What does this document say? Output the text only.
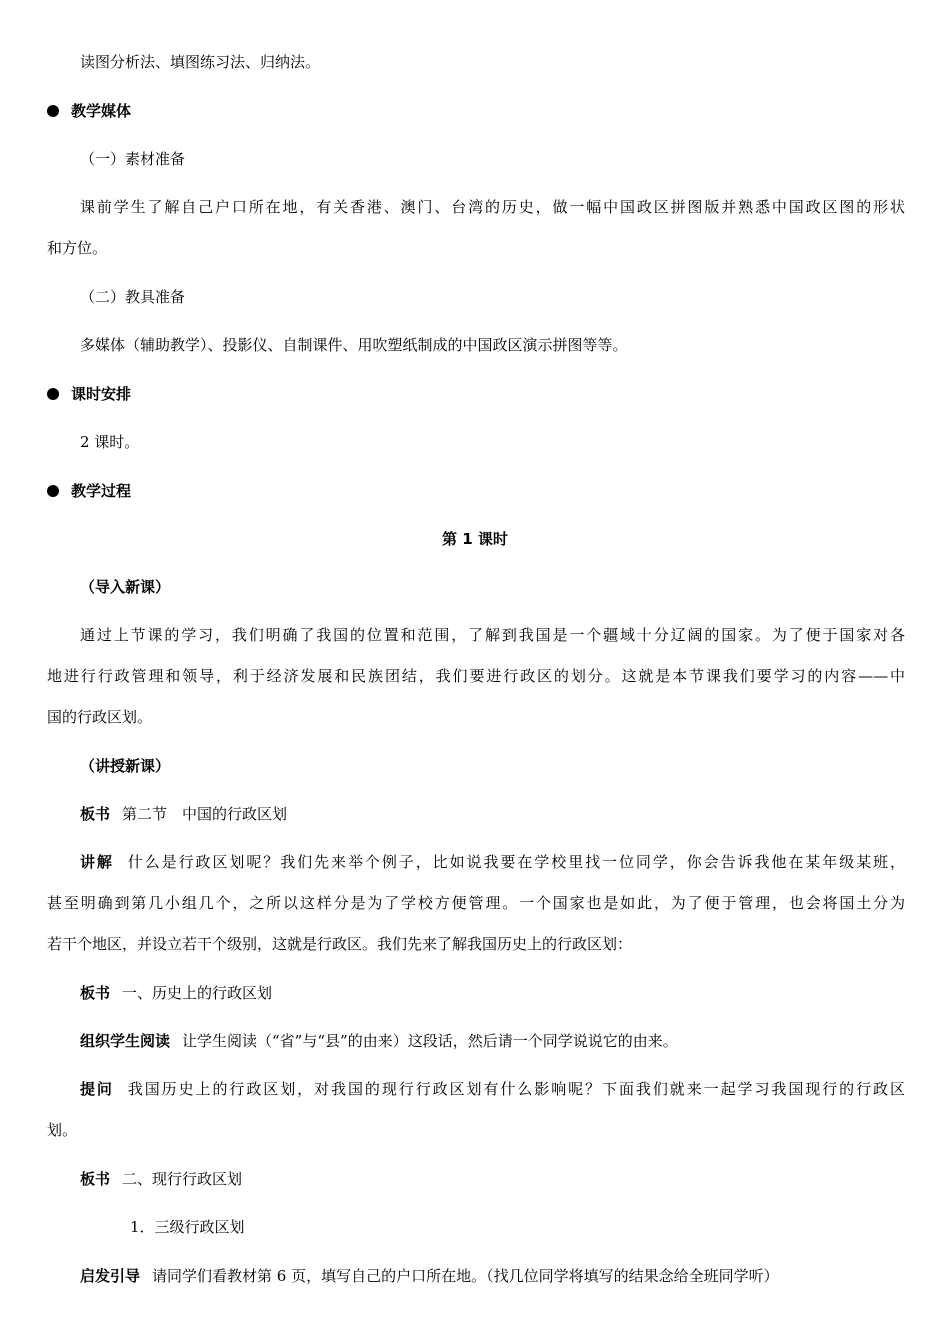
读图分析法、填图练习法、归纳法。
教学媒体
（一）素材准备
课前学生了解自己户口所在地，有关香港、澳门、台湾的历史，做一幅中国政区拼图版并熟悉中国政区图的形状
和方位。
（二）教具准备
多媒体（辅助教学）、投影仪、自制课件、用吹塑纸制成的中国政区演示拼图等等。
课时安排
2 课时。
教学过程
第 1 课时
（导入新课）
通过上节课的学习，我们明确了我国的位置和范围，了解到我国是一个疆域十分辽阔的国家。为了便于国家对各
地进行行政管理和领导，利于经济发展和民族团结，我们要进行政区的划分。这就是本节课我们要学习的内容——中
国的行政区划。
（讲授新课）
板书 第二节　中国的行政区划
讲解 什么是行政区划呢？我们先来举个例子，比如说我要在学校里找一位同学，你会告诉我他在某年级某班，
甚至明确到第几小组几个，之所以这样分是为了学校方便管理。一个国家也是如此，为了便于管理，也会将国土分为
若干个地区，并设立若干个级别，这就是行政区。我们先来了解我国历史上的行政区划：
板书 一、历史上的行政区划
组织学生阅读 让学生阅读（“省”与“县”的由来）这段话，然后请一个同学说说它的由来。
提问 我国历史上的行政区划，对我国的现行行政区划有什么影响呢？下面我们就来一起学习我国现行的行政区
划。
板书 二、现行行政区划
1．三级行政区划
启发引导 请同学们看教材第 6 页，填写自己的户口所在地。（找几位同学将填写的结果念给全班同学听）
